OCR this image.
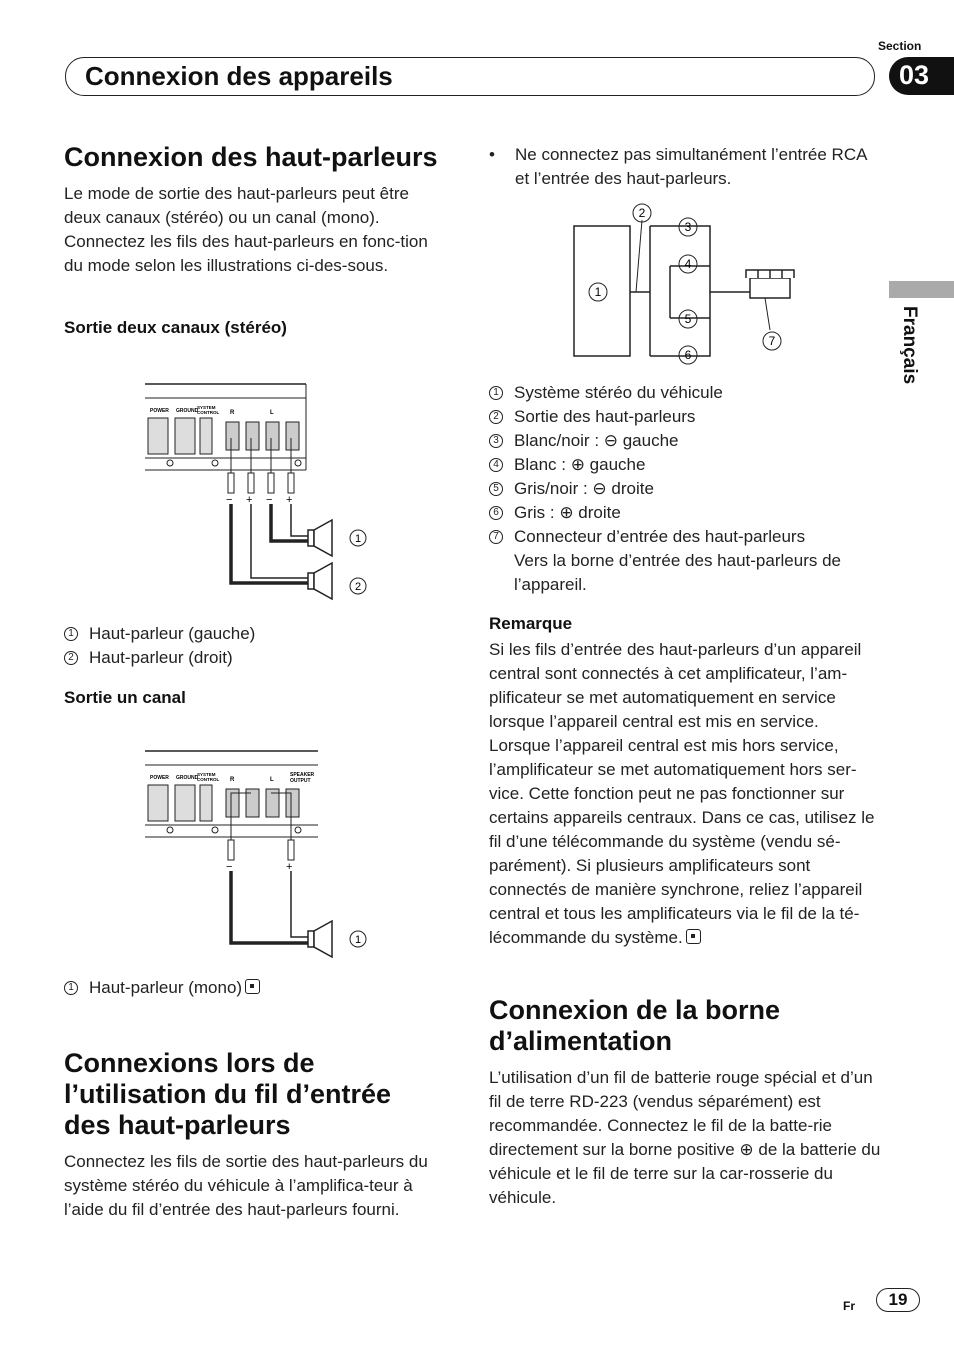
Section
03
Connexion des appareils
Français
Connexion des haut-parleurs

Le mode de sortie des haut-parleurs peut être deux canaux (stéréo) ou un canal (mono). Connectez les fils des haut-parleurs en fonc-tion du mode selon les illustrations ci-des-sous.

Sortie deux canaux (stéréo)
POWER GROUND
SYSTEM
CONTROL R	L
− + − +
1
2
1 Haut-parleur (gauche)
2 Haut-parleur (droit)
Sortie un canal
POWER GROUND
SYSTEM
CONTROL R	L
SPEAKER
OUTPUT
−	+
1
1 Haut-parleur (mono)
Connexions lors de
l’utilisation du fil d’entrée
des haut-parleurs

Connectez les fils de sortie des haut-parleurs du système stéréo du véhicule à l’amplifica-teur à l’aide du fil d’entrée des haut-parleurs fourni.

•	Ne connectez pas simultanément l’entrée RCA et l’entrée des haut-parleurs.
1
2
3
4
5
6
7
1 Système stéréo du véhicule
2 Sortie des haut-parleurs
3 Blanc/noir : ⊖ gauche
4 Blanc : ⊕ gauche
5 Gris/noir : ⊖ droite
6 Gris : ⊕ droite
7 Connecteur d’entrée des haut-parleurs

Vers la borne d’entrée des haut-parleurs de l’appareil.
Remarque

Si les fils d’entrée des haut-parleurs d’un appareil central sont connectés à cet amplificateur, l’am-plificateur se met automatiquement en service lorsque l’appareil central est mis en service. Lorsque l’appareil central est mis hors service, l’amplificateur se met automatiquement hors ser-vice. Cette fonction peut ne pas fonctionner sur certains appareils centraux. Dans ce cas, utilisez le fil d’une télécommande du système (vendu sé-parément). Si plusieurs amplificateurs sont connectés de manière synchrone, reliez l’appareil central et tous les amplificateurs via le fil de la té-lécommande du système.

Connexion de la borne
d’alimentation

L’utilisation d’un fil de batterie rouge spécial et d’un fil de terre RD-223 (vendus séparément) est recommandée. Connectez le fil de la batte-rie directement sur la borne positive ⊕ de la batterie du véhicule et le fil de terre sur la car-rosserie du véhicule.

Fr	19
